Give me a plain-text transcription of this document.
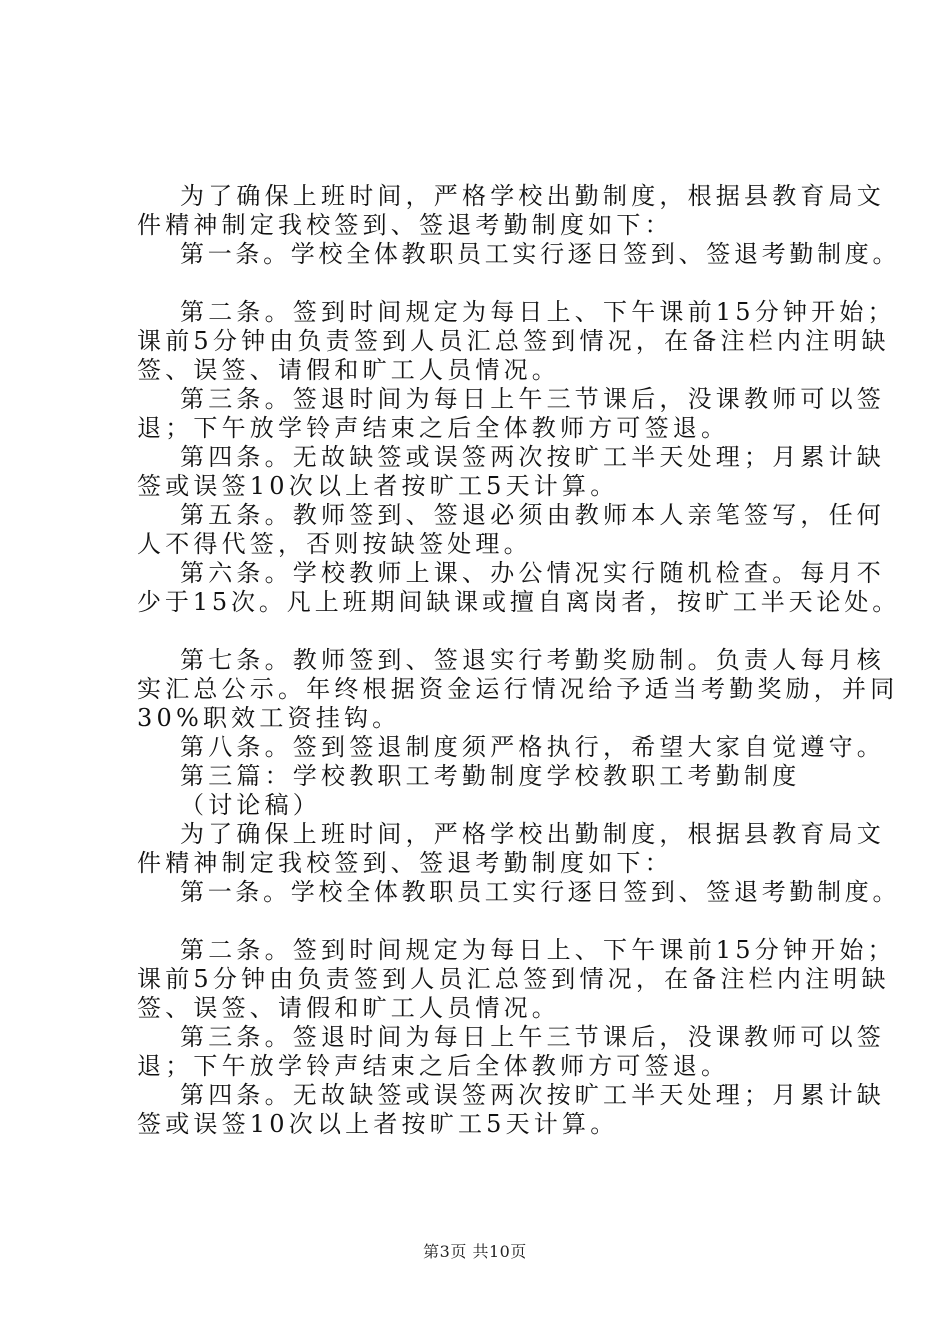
为了确保上班时间，严格学校出勤制度，根据县教育局文
件精神制定我校签到、签退考勤制度如下：
第一条。学校全体教职员工实行逐日签到、签退考勤制度。
第二条。签到时间规定为每日上、下午课前15分钟开始；
课前5分钟由负责签到人员汇总签到情况，在备注栏内注明缺
签、误签、请假和旷工人员情况。
第三条。签退时间为每日上午三节课后，没课教师可以签
退；下午放学铃声结束之后全体教师方可签退。
第四条。无故缺签或误签两次按旷工半天处理；月累计缺
签或误签10次以上者按旷工5天计算。
第五条。教师签到、签退必须由教师本人亲笔签写，任何
人不得代签，否则按缺签处理。
第六条。学校教师上课、办公情况实行随机检查。每月不
少于15次。凡上班期间缺课或擅自离岗者，按旷工半天论处。
第七条。教师签到、签退实行考勤奖励制。负责人每月核
实汇总公示。年终根据资金运行情况给予适当考勤奖励，并同
30%职效工资挂钩。
第八条。签到签退制度须严格执行，希望大家自觉遵守。
第三篇：学校教职工考勤制度学校教职工考勤制度
（讨论稿）
为了确保上班时间，严格学校出勤制度，根据县教育局文
件精神制定我校签到、签退考勤制度如下：
第一条。学校全体教职员工实行逐日签到、签退考勤制度。
第二条。签到时间规定为每日上、下午课前15分钟开始；
课前5分钟由负责签到人员汇总签到情况，在备注栏内注明缺
签、误签、请假和旷工人员情况。
第三条。签退时间为每日上午三节课后，没课教师可以签
退；下午放学铃声结束之后全体教师方可签退。
第四条。无故缺签或误签两次按旷工半天处理；月累计缺
签或误签10次以上者按旷工5天计算。
第3页 共10页
